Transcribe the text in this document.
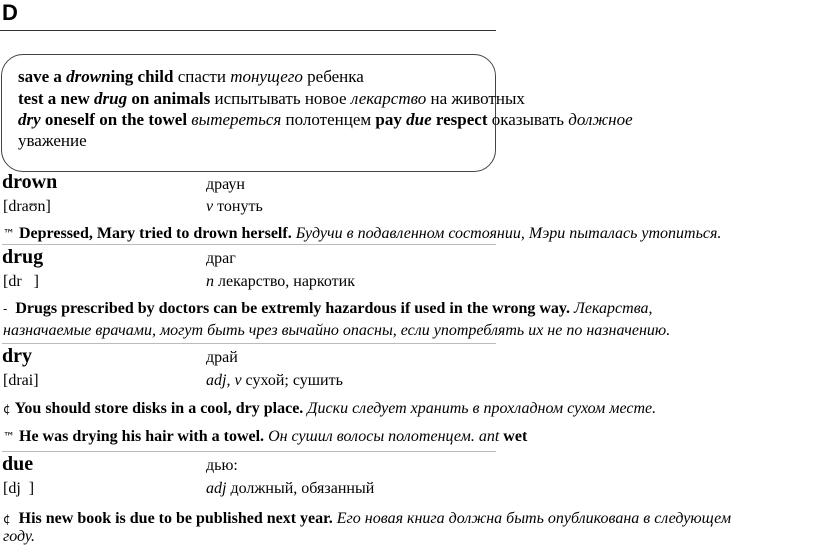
D
save a drowning child спасти тонущего ребенка
test a new drug on animals испытывать новое лекарство на животных
dry oneself on the towel вытереться полотенцем pay due respect оказывать должное
уважение
drown	драун
[draʊn]	v тонуть
™ Depressed, Mary tried to drown herself. Будучи в подавленном состоянии, Мэри пыталась утопиться.
drug	драг
[dr   ]	n лекарство, наркотик
- Drugs prescribed by doctors can be extremly hazardous if used in the wrong way. Лекарства,
назначаемые врачами, могут быть чрез вычайно опасны, если употреблять их не по назначению.
dry	драй
[drai]	adj, v сухой; сушить
¢ You should store disks in a cool, dry place. Диски следует хранить в прохладном сухом месте.
™ He was drying his hair with a towel. Он сушил волосы полотенцем. ant wet
due	дью:
[dj  ]	adj должный, обязанный
¢ His new book is due to be published next year. Его новая книга должна быть опубликована в следующем
году.
